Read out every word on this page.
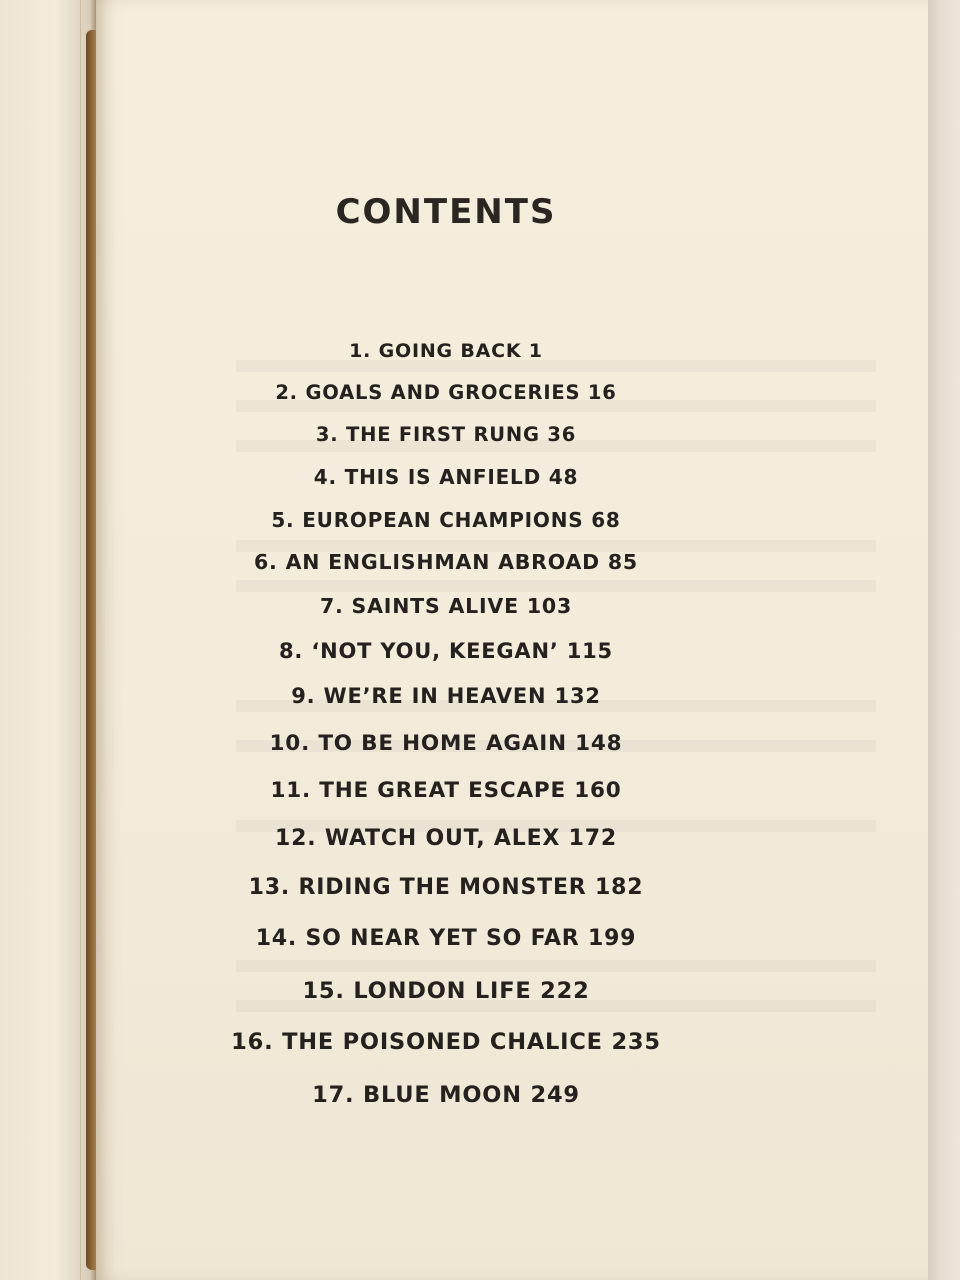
CONTENTS
1. GOING BACK 1
2. GOALS AND GROCERIES 16
3. THE FIRST RUNG 36
4. THIS IS ANFIELD 48
5. EUROPEAN CHAMPIONS 68
6. AN ENGLISHMAN ABROAD 85
7. SAINTS ALIVE 103
8. ‘NOT YOU, KEEGAN’ 115
9. WE’RE IN HEAVEN 132
10. TO BE HOME AGAIN 148
11. THE GREAT ESCAPE 160
12. WATCH OUT, ALEX 172
13. RIDING THE MONSTER 182
14. SO NEAR YET SO FAR 199
15. LONDON LIFE 222
16. THE POISONED CHALICE 235
17. BLUE MOON 249
